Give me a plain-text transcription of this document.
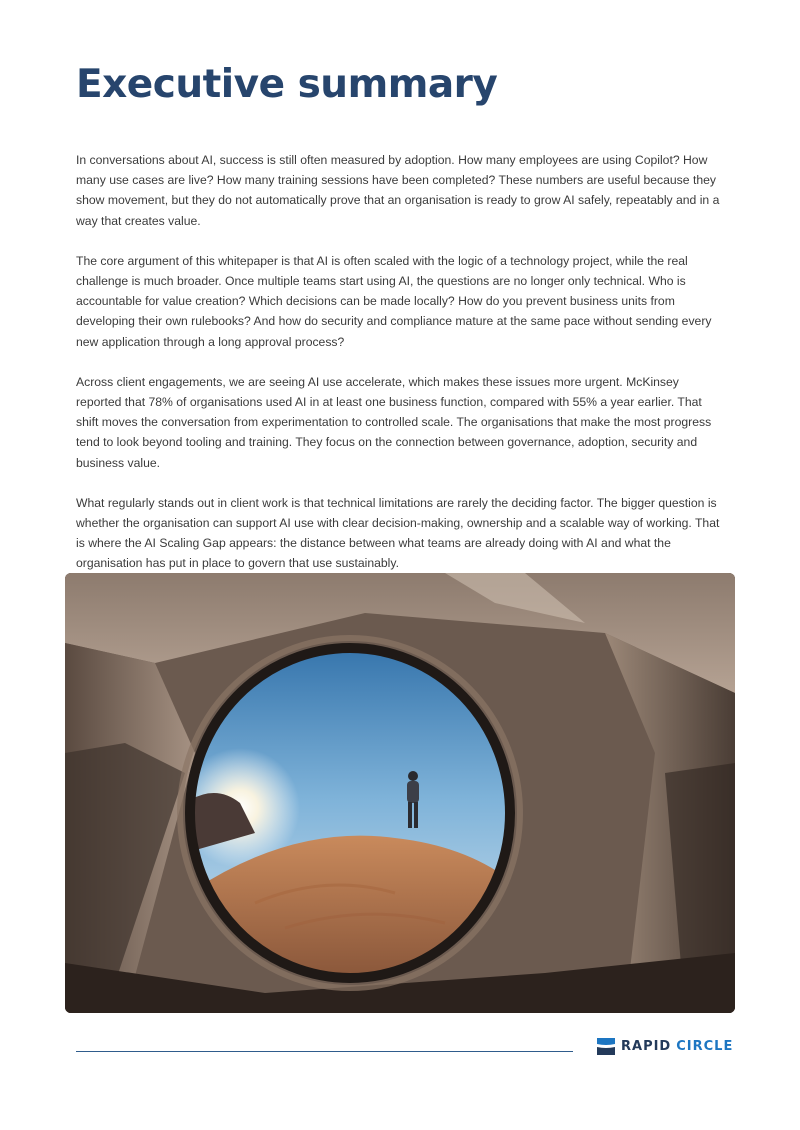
Executive summary

In conversations about AI, success is still often measured by adoption. How many employees are using Copilot? How many use cases are live? How many training sessions have been completed? These numbers are useful because they show movement, but they do not automatically prove that an organisation is ready to grow AI safely, repeatably and in a way that creates value.

The core argument of this whitepaper is that AI is often scaled with the logic of a technology project, while the real challenge is much broader. Once multiple teams start using AI, the questions are no longer only technical. Who is accountable for value creation? Which decisions can be made locally? How do you prevent business units from developing their own rulebooks? And how do security and compliance mature at the same pace without sending every new application through a long approval process?

Across client engagements, we are seeing AI use accelerate, which makes these issues more urgent. McKinsey reported that 78% of organisations used AI in at least one business function, compared with 55% a year earlier. That shift moves the conversation from experimentation to controlled scale. The organisations that make the most progress tend to look beyond tooling and training. They focus on the connection between governance, adoption, security and business value.

What regularly stands out in client work is that technical limitations are rarely the deciding factor. The bigger question is whether the organisation can support AI use with clear decision-making, ownership and a scalable way of working. That is where the AI Scaling Gap appears: the distance between what teams are already doing with AI and what the organisation has put in place to govern that use sustainably.

RAPID CIRCLE
